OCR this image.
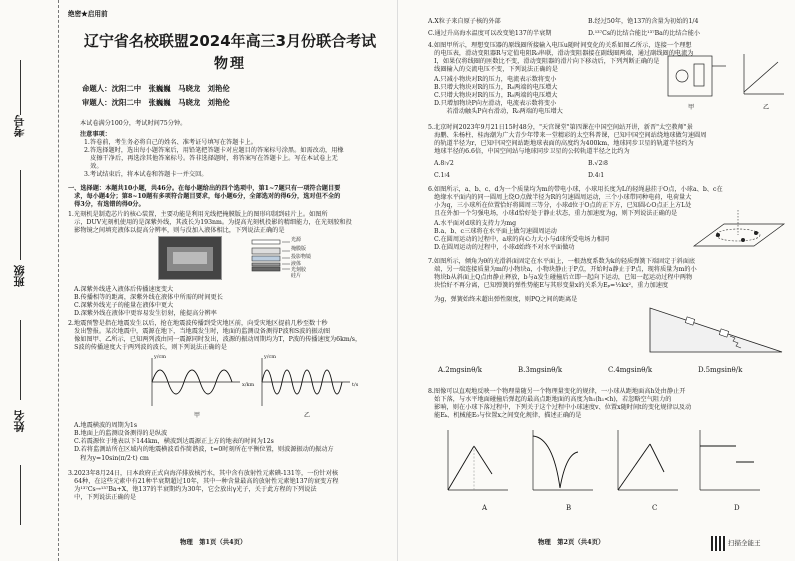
考号
班级
姓名
绝密★启用前
辽宁省名校联盟2024年高三3月份联合考试
物理
命题人：沈阳二中　张巍巍　马晓龙　刘艳伦
审题人：沈阳二中　张巍巍　马晓龙　刘艳伦
本试卷满分100分，考试时间75分钟。
注意事项：
1.答卷前，考生务必将自己的姓名、准考证号填写在答题卡上。
2.答选择题时，选出每小题答案后，用铅笔把答题卡对应题目的答案标号涂黑。如需改动，用橡
　皮擦干净后，再选涂其他答案标号。答非选择题时，将答案写在答题卡上。写在本试卷上无
　效。
3.考试结束后，将本试卷和答题卡一并交回。
一、选择题：本题共10小题，共46分。在每小题给出的四个选项中，第1~7题只有一项符合题目要
　求，每小题4分；第8~10题有多项符合题目要求，每小题6分，全部选对的得6分，选对但不全的
　得3分，有选错的得0分。
1.光刻机是制造芯片的核心装置，主要功能是利用光线把掩膜版上的图形印制到硅片上。如图所
　示，DUV光刻机使用的是深紫外线，其波长为193nm。为提高光刻机投影的精细能力，在光刻胶和投
　影物镜之间填充液体以提高分辨率，则与没加入液体相比，下列说法正确的是
光源
掩膜版
投影物镜
液体
光刻胶
硅片
A.深紫外线进入液体后传播速度变大
B.传播相等的距离，深紫外线在液体中所需的时间更长
C.深紫外线光子的能量在液体中更大
D.深紫外线在液体中更容易发生衍射，能提高分辨率
2.地震预警是指在地震发生以后，抢在地震波传播到受灾地区前，向受灾地区提前几秒至数十秒
　发出警报。某次地震中，震源在地下，当地震发生时，地面的监测设备测得P波和S波的振动图
　像如图甲、乙所示，已知两列波由同一震源同时发出，波源的振动周期均为T，P波的传播速度为6km/s，
　S波的传播速度大于两列波的波长，则下列说法正确的是
y/cm
x/km
y/cm
t/s
甲	乙
A.地震横波的周期为1s
B.地面上的监测设备测得的是纵波
C.若震源位于地表以下144km，横波到达震源正上方的地表的时间为12s
D.若将监测站所在区域内的地震横波看作简谐波，t=0时刻所在平衡位置，则波源振动的振动方
　程为y=10sin(π/2·t) cm
3.2023年8月24日，日本政府正式向海洋排放核污水，其中含有放射性元素碘-131等，一份针对核
　64种，在这些元素中有21种半衰期超过10年，其中一种含量最高的放射性元素铯137的衰变方程
　为¹³⁷Cs→¹³⁷Ba+X，铯137的半衰期约为30年，它会放出γ光子，关于此方程的下列说法
　中，下列说法正确的是
物理　第1页（共4页）
A.X粒子来自原子核的外部	B.经过50年，铯137的含量为初始的1/4
C.通过升高海水温度可以改变铯137的半衰期	D.¹³⁷Cs的比结合能比¹³⁷Ba的比结合能小
4.如图甲所示，理想变压器的原线圈所接输入电压u随时间变化的关系如图乙所示，连接一个理想
　的电压表，滑动变阻器R与定值电阻R₀串联，滑动变阻器接在副线圈两端，通过副线圈的电流为
　I，如果仅将线圈的匝数比不变，滑动变阻器的滑片向下移动后，下列判断正确的是
　线圈输入的交流电压不变，下列说法正确的是
A.只减小物块对R的压力，电流表示数将变小
B.只增大物块对R的压力，R₀两端的电压增大
C.只增大物块对R的压力，R₀两端的电压增大
D.只增加物块P向左滑动，电流表示数将变小
　　若滑动触头P向右滑动，R₀两端的电压增大
甲	乙
5.北京时间2023年9月21日15时48分，"天宫课堂"第四课在中国空间站开讲，新晋"太空教师"景
　海鹏、朱杨柱、桂海潮为广大青少年带来一堂精彩的太空科普课，已知中国空间站绕地球做匀速圆周
　的轨道半径为r，已知中国空间站距地球表面的高度约为400km，地球同步卫星的轨道半径约为
　地球半径的6.6倍，中国空间站与地球同步卫星的公转轨道半径之比约为
A.8∶√2	B.√2∶8
C.1∶4	D.4∶1
6.如图所示，a、b、c、d为一个质量均为m的带电小球，小球用长度为L的轻绳悬挂于O点，小球a、b、c在
　绝缘水平面内的同一圆周上绕O点做半径为R的匀速圆周运动，三个小球带同种电荷，电荷量大
　小为q，三小球所在位置恰好将圆周三等分，小球d位于O点的正下方，已知圆心O点正上方L处
　且在外加一个匀强电场，小球d恰好处于静止状态，重力加速度为g，则下列说法正确的是
A.水平面对d球的支持力为mg
B.a、b、c三球将在水平面上做匀速圆周运动
C.在圆周运动的过程中，a球的向心力大小与d球所受电场力相同
D.在圆周运动的过程中，小球d始终不对水平面做功
7.如图所示，倾角为θ的光滑斜面固定在水平面上，一根劲度系数为k的轻质弹簧下端固定于斜面底
　端，另一端连接质量为m的小物块a，小物块静止于P点，开始时a静止于P点，现将质量为m的小
　物块b从斜面上Q点由静止释放，b与a发生碰撞后立即一起向下运动，已知一起运动过程中两物
　块恰好不再分离，已知弹簧的弹性势能E与其形变量x的关系为Eₚ=½kx²，重力加速度
　为g，弹簧始终未超出弹性限度，则PQ之间的距离是
A.2mgsinθ/k	B.3mgsinθ/k	C.4mgsinθ/k	D.5mgsinθ/k
8.图像可以直观地反映一个物理量随另一个物理量变化的规律，一小球从距地面高h处由静止开
　始下落，与水平地面碰撞后弹起的最高点距地面的高度为h₁(h₁<h)，若忽略空气阻力的
　影响，则在小球下落过程中，下列关于这个过程中小球速度v、位置x随时间t的变化规律以及动
　能Eₖ、机械能E₀与位置x之间变化规律，描述正确的是
A	B	C	D
物理　第2页（共4页）	扫描全能王
